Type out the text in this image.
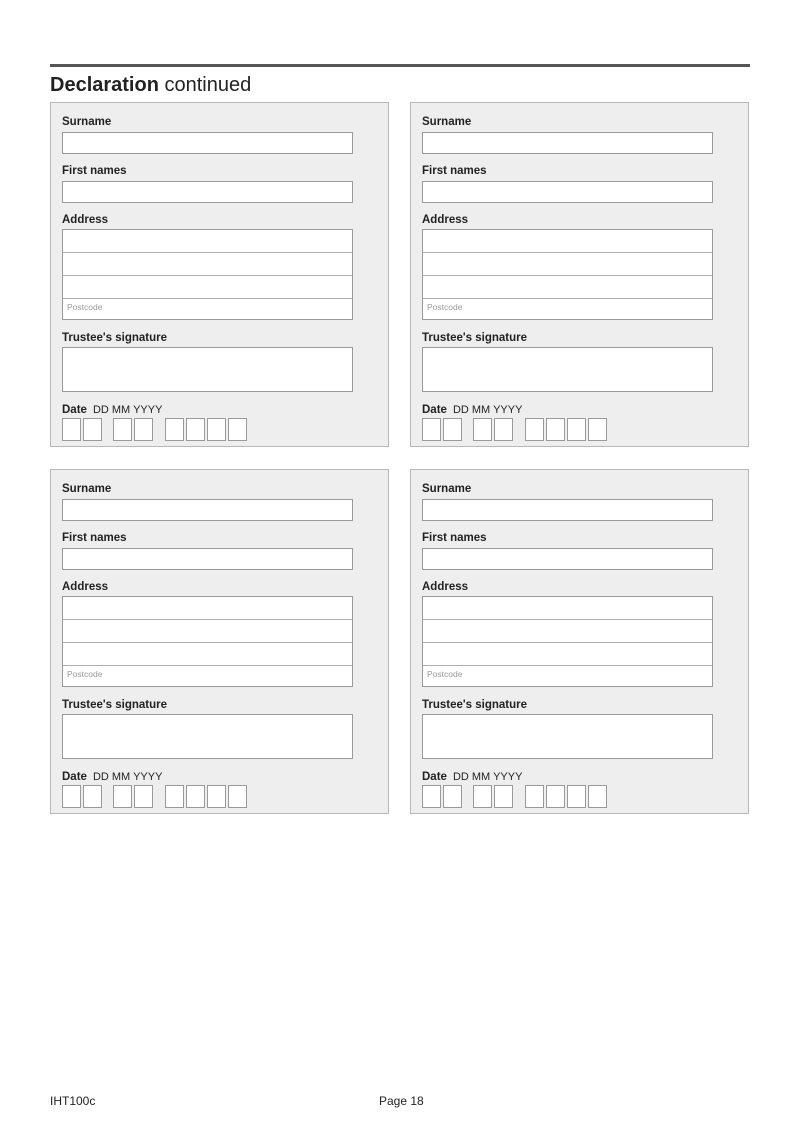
Declaration continued
Surname
First names
Address
Postcode
Trustee's signature
Date DD MM YYYY
Surname
First names
Address
Postcode
Trustee's signature
Date DD MM YYYY
Surname
First names
Address
Postcode
Trustee's signature
Date DD MM YYYY
Surname
First names
Address
Postcode
Trustee's signature
Date DD MM YYYY
IHT100c	Page 18
